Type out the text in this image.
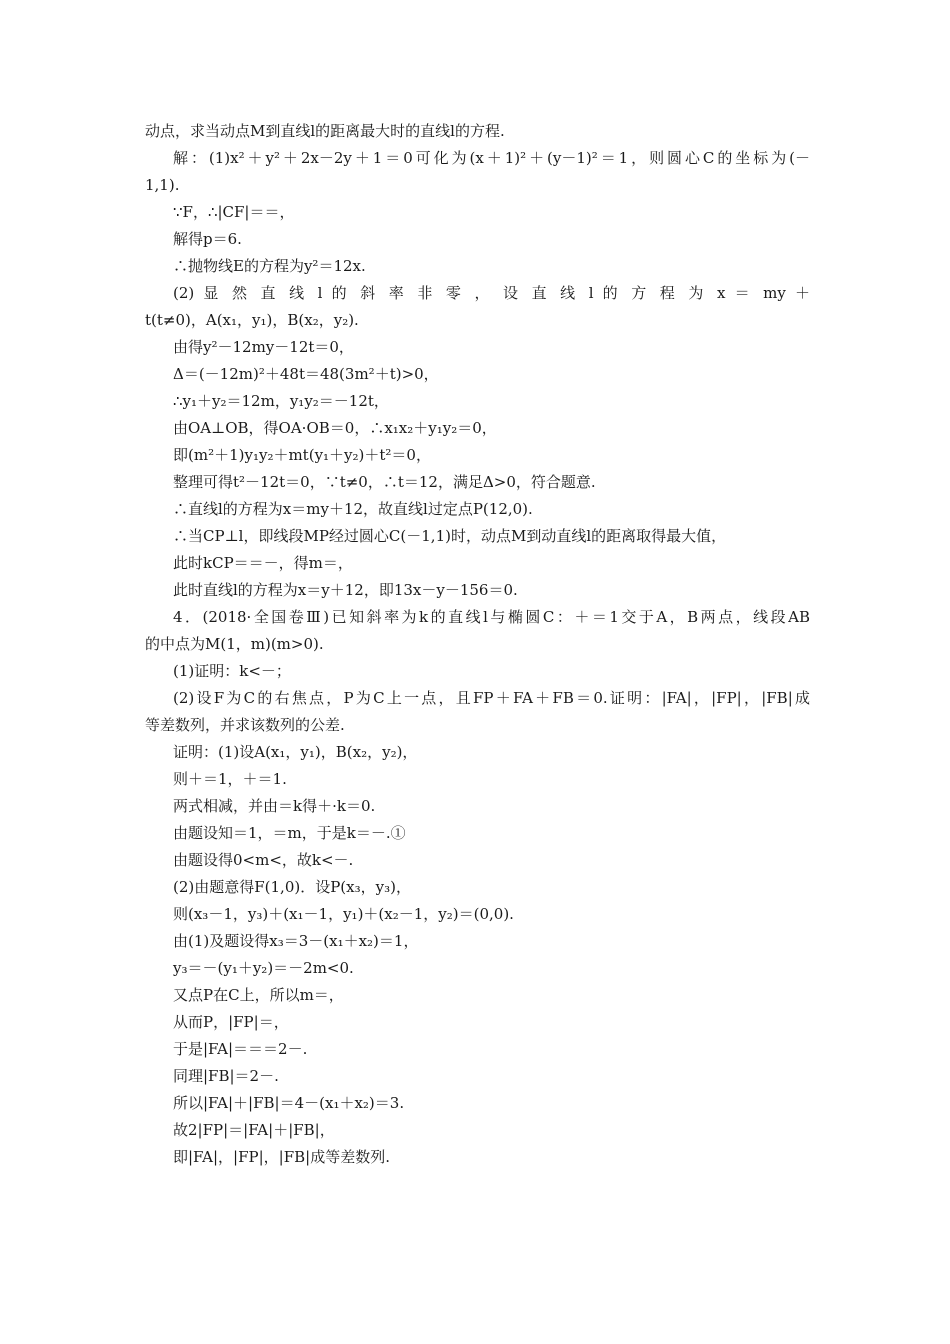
动点，求当动点M到直线l的距离最大时的直线l的方程.
解：(1)x²＋y²＋2x－2y＋1＝0可化为(x＋1)²＋(y－1)²＝1，则圆心C的坐标为(－
1,1).
∵F，∴|CF|＝＝，
解得p＝6.
∴抛物线E的方程为y²＝12x.
(2) 显 然 直 线 l 的 斜 率 非 零 ， 设 直 线 l 的 方 程 为 x ＝ my ＋
t(t≠0)，A(x₁，y₁)，B(x₂，y₂).
由得y²－12my－12t＝0，
Δ＝(－12m)²＋48t＝48(3m²＋t)>0，
∴y₁＋y₂＝12m，y₁y₂＝－12t，
由OA⊥OB，得OA·OB＝0，∴x₁x₂＋y₁y₂＝0，
即(m²＋1)y₁y₂＋mt(y₁＋y₂)＋t²＝0，
整理可得t²－12t＝0，∵t≠0，∴t＝12，满足Δ>0，符合题意.
∴直线l的方程为x＝my＋12，故直线l过定点P(12,0).
∴当CP⊥l，即线段MP经过圆心C(－1,1)时，动点M到动直线l的距离取得最大值，
此时kCP＝＝－，得m＝，
此时直线l的方程为x＝y＋12，即13x－y－156＝0.
4．(2018·全国卷Ⅲ)已知斜率为k的直线l与椭圆C：＋＝1交于A，B两点，线段AB
的中点为M(1，m)(m>0).
(1)证明：k<－；
(2)设F为C的右焦点，P为C上一点，且FP＋FA＋FB＝0.证明：|FA|，|FP|，|FB|成
等差数列，并求该数列的公差.
证明：(1)设A(x₁，y₁)，B(x₂，y₂)，
则＋＝1，＋＝1.
两式相减，并由＝k得＋·k＝0.
由题设知＝1，＝m，于是k＝－.①
由题设得0<m<，故k<－.
(2)由题意得F(1,0)．设P(x₃，y₃)，
则(x₃－1，y₃)＋(x₁－1，y₁)＋(x₂－1，y₂)＝(0,0).
由(1)及题设得x₃＝3－(x₁＋x₂)＝1，
y₃＝－(y₁＋y₂)＝－2m<0.
又点P在C上，所以m＝，
从而P，|FP|＝，
于是|FA|＝＝＝2－.
同理|FB|＝2－.
所以|FA|＋|FB|＝4－(x₁＋x₂)＝3.
故2|FP|＝|FA|＋|FB|，
即|FA|，|FP|，|FB|成等差数列.
